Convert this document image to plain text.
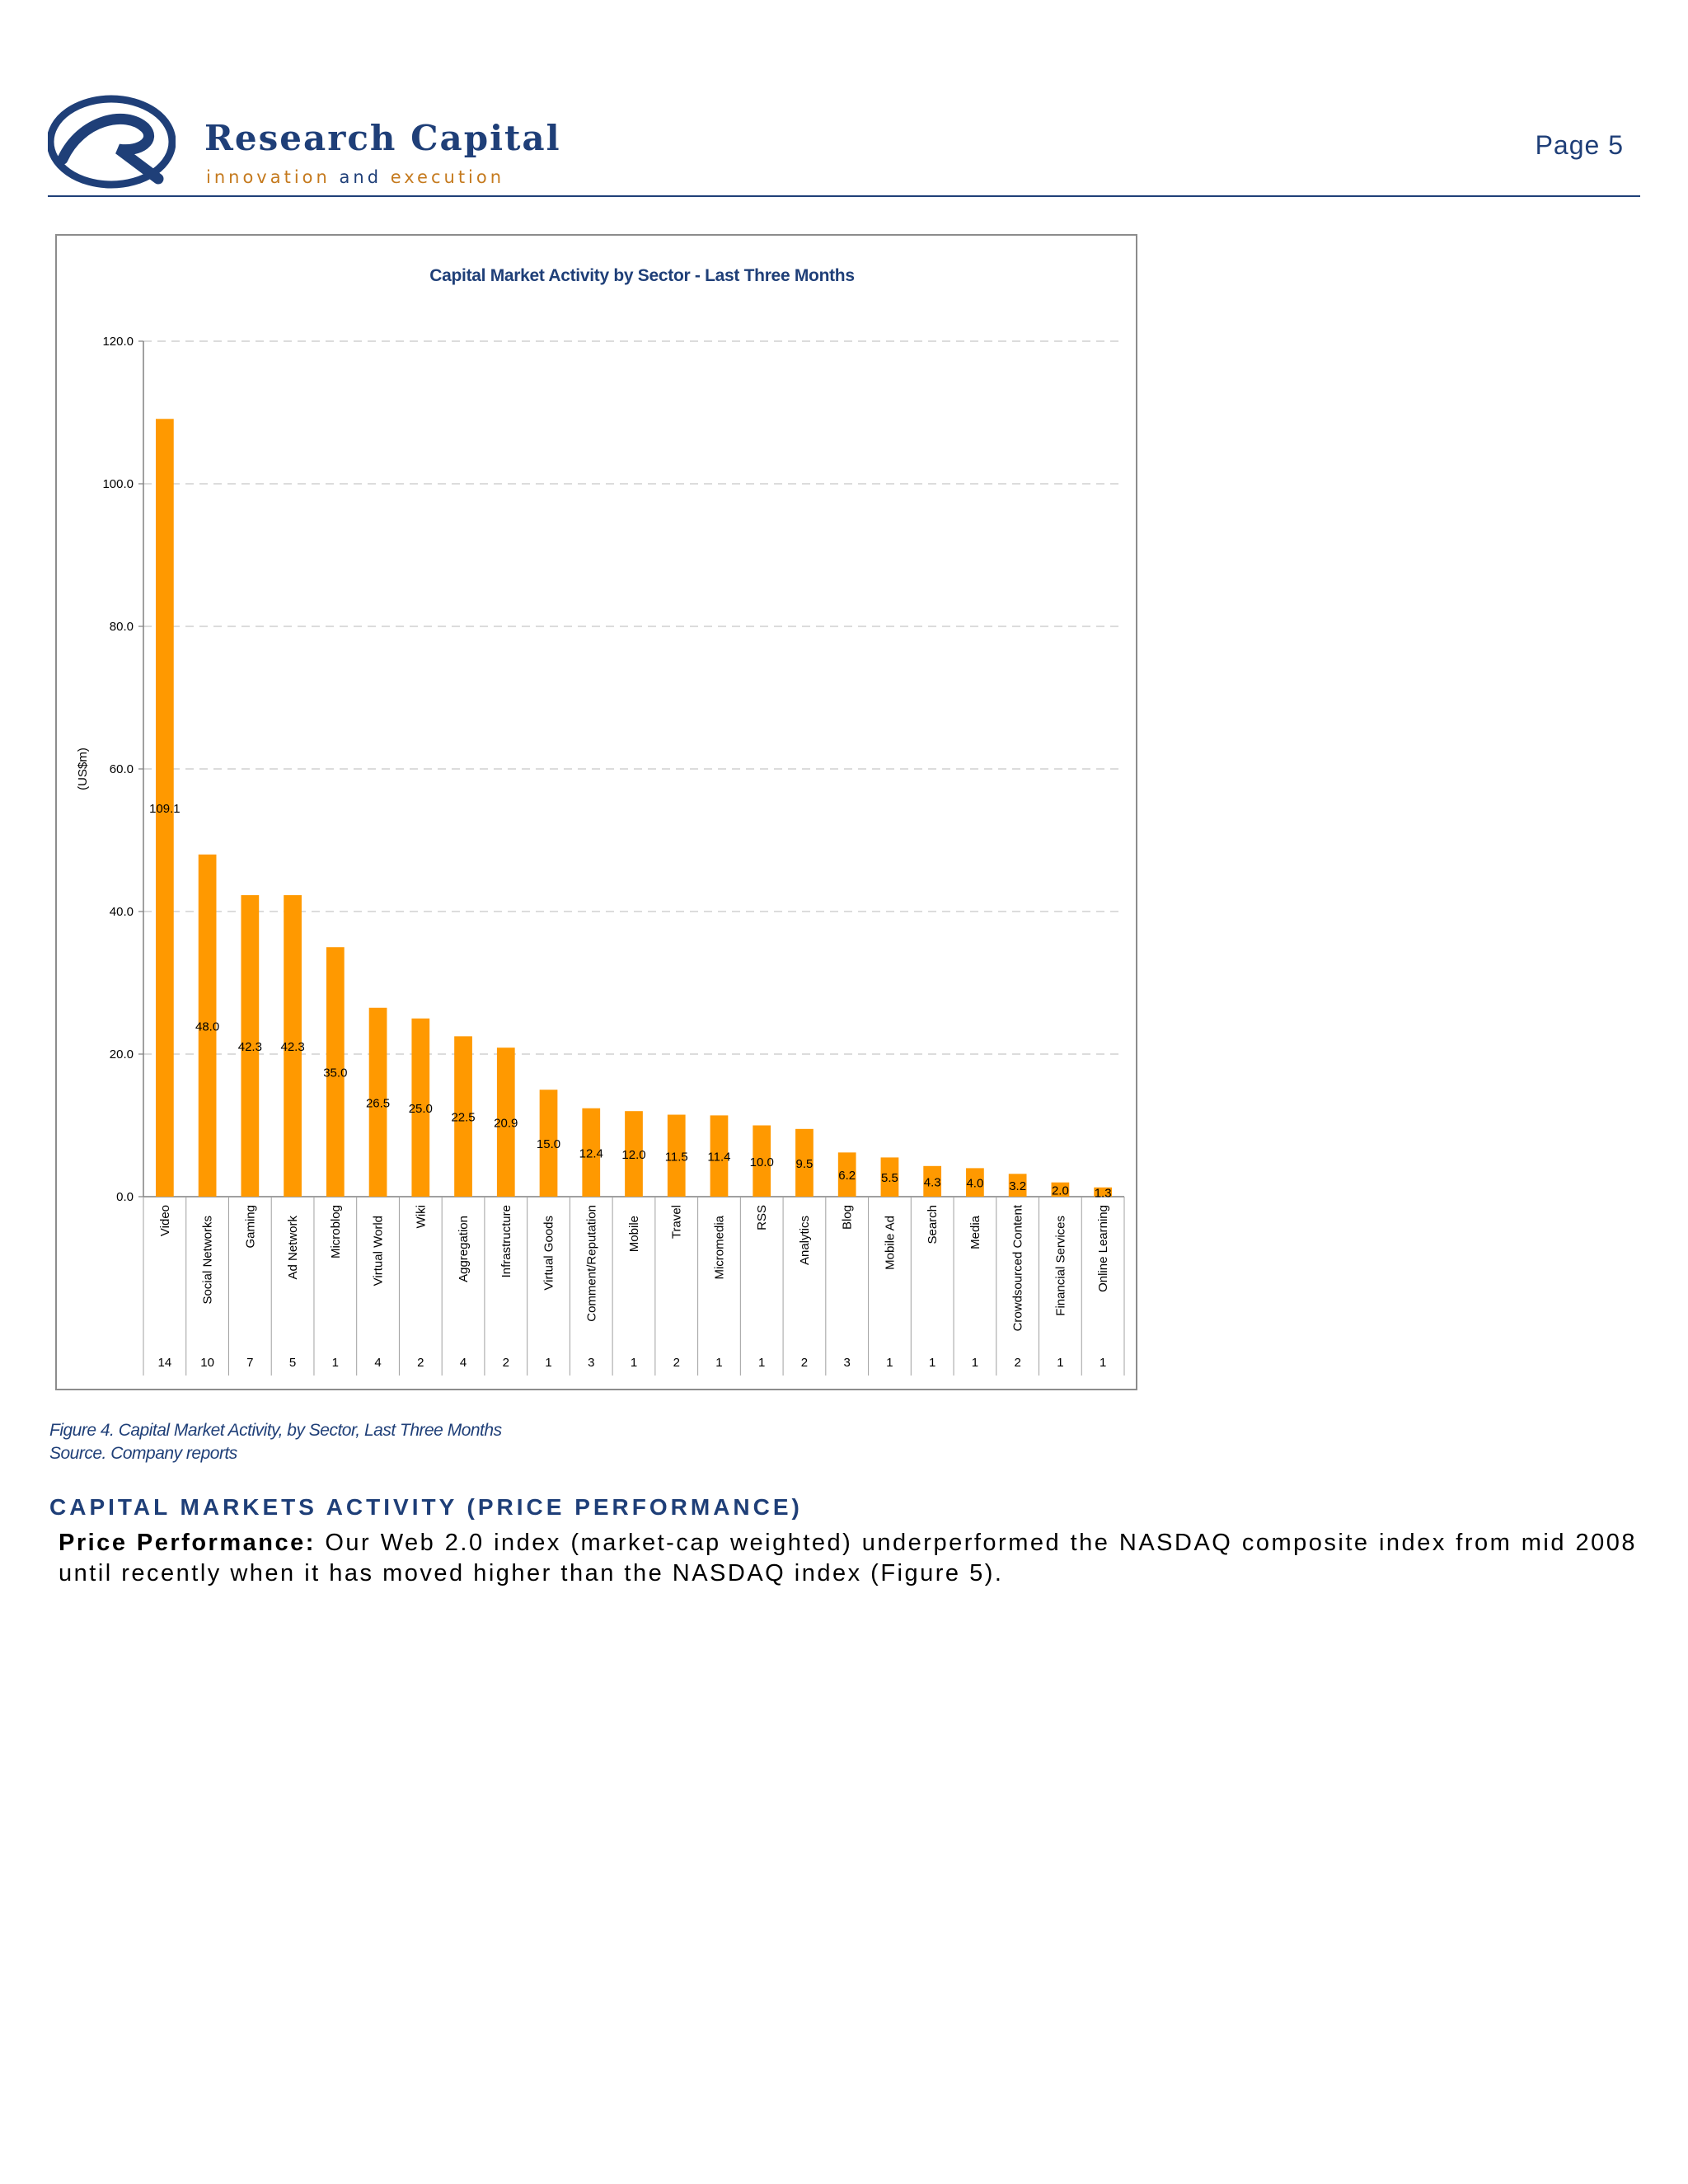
Research Capital
innovation and execution
Page 5
Capital Market Activity by Sector - Last Three Months
(US$m)
0.0
20.0
40.0
60.0
80.0
100.0
120.0
109.1
Video
14
48.0
Social Networks
10
42.3
Gaming
7
42.3
Ad Network
5
35.0
Microblog
1
26.5
Virtual World
4
25.0
Wiki
2
22.5
Aggregation
4
20.9
Infrastructure
2
15.0
Virtual Goods
1
12.4
Comment/Reputation
3
12.0
Mobile
1
11.5
Travel
2
11.4
Micromedia
1
10.0
RSS
1
9.5
Analytics
2
6.2
Blog
3
5.5
Mobile Ad
1
4.3
Search
1
4.0
Media
1
3.2
Crowdsourced Content
2
2.0
Financial Services
1
1.3
Online Learning
1
Figure 4. Capital Market Activity, by Sector, Last Three Months
Source. Company reports
CAPITAL MARKETS ACTIVITY (PRICE PERFORMANCE)

Price Performance: Our Web 2.0 index (market-cap weighted) underperformed the NASDAQ composite index from mid 2008 until recently when it has moved higher than the NASDAQ index (Figure 5).
